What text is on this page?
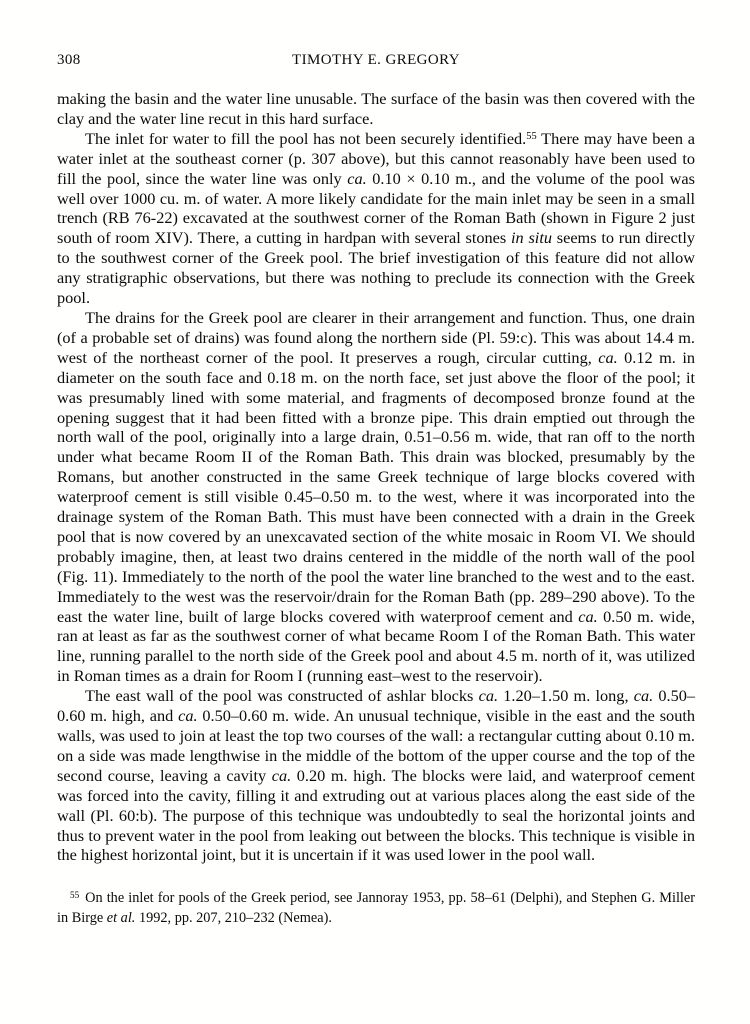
308	TIMOTHY E. GREGORY

making the basin and the water line unusable. The surface of the basin was then covered with the clay and the water line recut in this hard surface.

The inlet for water to fill the pool has not been securely identified.$^{55}$ There may have been a water inlet at the southeast corner (p. 307 above), but this cannot reasonably have been used to fill the pool, since the water line was only ca. 0.10 × 0.10 m., and the volume of the pool was well over 1000 cu. m. of water. A more likely candidate for the main inlet may be seen in a small trench (RB 76-22) excavated at the southwest corner of the Roman Bath (shown in Figure 2 just south of room XIV). There, a cutting in hardpan with several stones in situ seems to run directly to the southwest corner of the Greek pool. The brief investigation of this feature did not allow any stratigraphic observations, but there was nothing to preclude its connection with the Greek pool.

The drains for the Greek pool are clearer in their arrangement and function. Thus, one drain (of a probable set of drains) was found along the northern side (Pl. 59:c). This was about 14.4 m. west of the northeast corner of the pool. It preserves a rough, circular cutting, ca. 0.12 m. in diameter on the south face and 0.18 m. on the north face, set just above the floor of the pool; it was presumably lined with some material, and fragments of decomposed bronze found at the opening suggest that it had been fitted with a bronze pipe. This drain emptied out through the north wall of the pool, originally into a large drain, 0.51–0.56 m. wide, that ran off to the north under what became Room II of the Roman Bath. This drain was blocked, presumably by the Romans, but another constructed in the same Greek technique of large blocks covered with waterproof cement is still visible 0.45–0.50 m. to the west, where it was incorporated into the drainage system of the Roman Bath. This must have been connected with a drain in the Greek pool that is now covered by an unexcavated section of the white mosaic in Room VI. We should probably imagine, then, at least two drains centered in the middle of the north wall of the pool (Fig. 11). Immediately to the north of the pool the water line branched to the west and to the east. Immediately to the west was the reservoir/drain for the Roman Bath (pp. 289–290 above). To the east the water line, built of large blocks covered with waterproof cement and ca. 0.50 m. wide, ran at least as far as the southwest corner of what became Room I of the Roman Bath. This water line, running parallel to the north side of the Greek pool and about 4.5 m. north of it, was utilized in Roman times as a drain for Room I (running east–west to the reservoir).

The east wall of the pool was constructed of ashlar blocks ca. 1.20–1.50 m. long, ca. 0.50–0.60 m. high, and ca. 0.50–0.60 m. wide. An unusual technique, visible in the east and the south walls, was used to join at least the top two courses of the wall: a rectangular cutting about 0.10 m. on a side was made lengthwise in the middle of the bottom of the upper course and the top of the second course, leaving a cavity ca. 0.20 m. high. The blocks were laid, and waterproof cement was forced into the cavity, filling it and extruding out at various places along the east side of the wall (Pl. 60:b). The purpose of this technique was undoubtedly to seal the horizontal joints and thus to prevent water in the pool from leaking out between the blocks. This technique is visible in the highest horizontal joint, but it is uncertain if it was used lower in the pool wall.

$^{55}$ On the inlet for pools of the Greek period, see Jannoray 1953, pp. 58–61 (Delphi), and Stephen G. Miller in Birge et al. 1992, pp. 207, 210–232 (Nemea).
